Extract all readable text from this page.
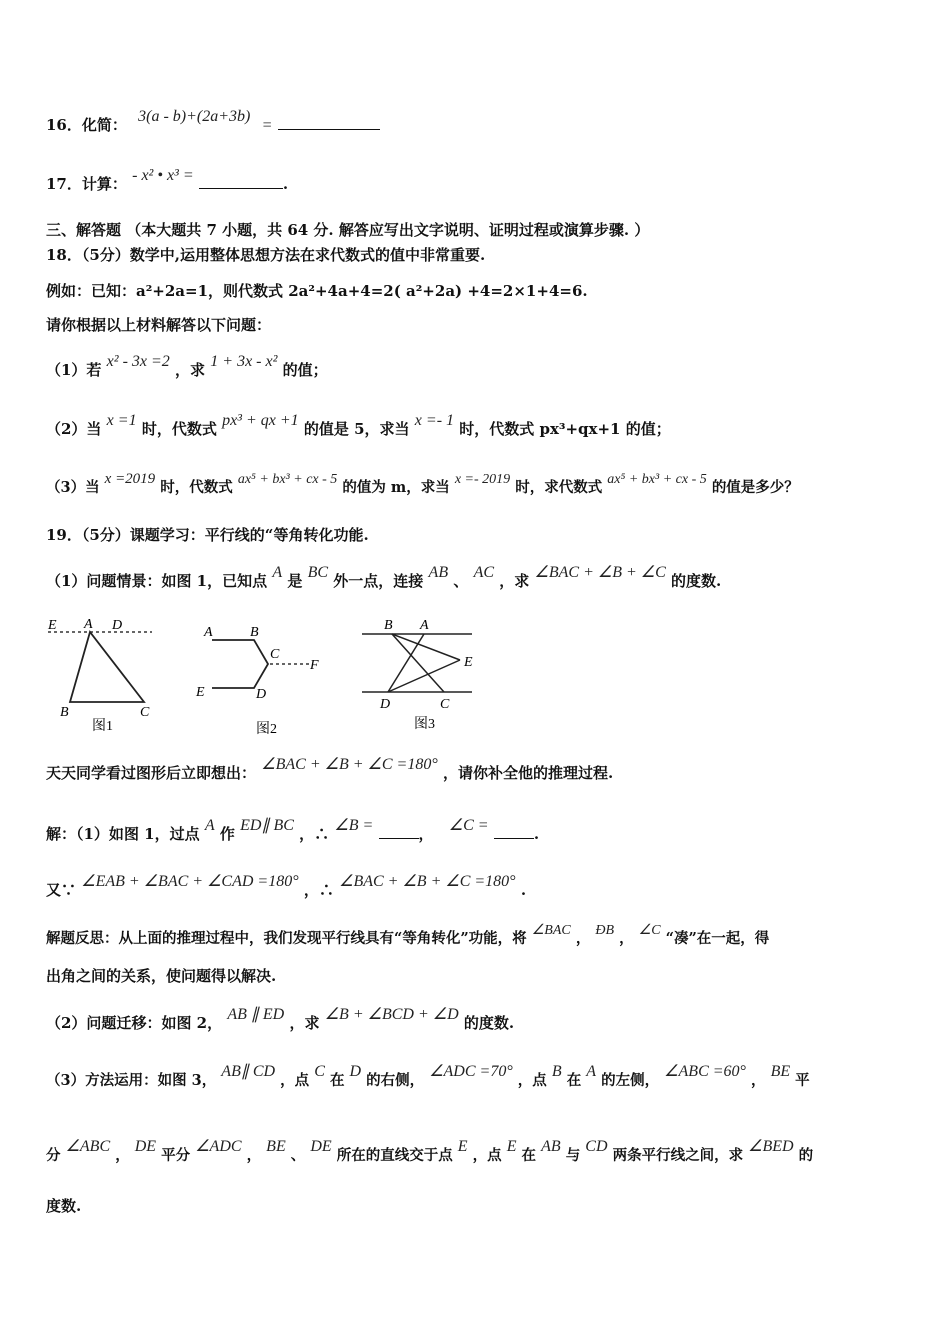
16．化简： 3(a - b)+(2a+3b) =
17．计算： - x² • x³ =	.
三、解答题 （本大题共 7 小题，共 64 分. 解答应写出文字说明、证明过程或演算步骤. ）
18．（5分）数学中,运用整体思想方法在求代数式的值中非常重要.
例如：已知：a²+2a=1，则代数式 2a²+4a+4=2( a²+2a) +4=2×1+4=6.
请你根据以上材料解答以下问题：
（1）若 x² - 3x =2 ，求 1 + 3x - x² 的值；
（2）当 x =1 时，代数式 px³ + qx +1 的值是 5，求当 x =- 1 时，代数式 px³+qx+1 的值；
（3）当 x =2019 时，代数式 ax⁵ + bx³ + cx - 5 的值为 m，求当 x =- 2019 时，求代数式 ax⁵ + bx³ + cx - 5 的值是多少？
19．（5分）课题学习：平行线的“等角转化功能.
（1）问题情景：如图 1，已知点 A 是 BC 外一点，连接 AB 、 AC ，求 ∠BAC + ∠B + ∠C 的度数.
E A D
B	C
图1
A	B
C
F
E	D
图2
B A
E
D	C
图3
天天同学看过图形后立即想出： ∠BAC + ∠B + ∠C =180° ，请你补全他的推理过程.
解：（1）如图 1，过点 A 作 ED∥ BC ，∴ ∠B =	， ∠C =	.
又∵ ∠EAB + ∠BAC + ∠CAD =180° ，∴ ∠BAC + ∠B + ∠C =180° .
解题反思：从上面的推理过程中，我们发现平行线具有“等角转化”功能，将 ∠BAC ， ÐB ， ∠C “凑”在一起，得
出角之间的关系，使问题得以解决.
（2）问题迁移：如图 2， AB ∥ ED ，求 ∠B + ∠BCD + ∠D 的度数.
（3）方法运用：如图 3， AB∥ CD ，点 C 在 D 的右侧， ∠ADC =70° ，点 B 在 A 的左侧， ∠ABC =60° ， BE 平
分 ∠ABC ， DE 平分 ∠ADC ， BE 、 DE 所在的直线交于点 E ，点 E 在 AB 与 CD 两条平行线之间，求 ∠BED 的
度数.
